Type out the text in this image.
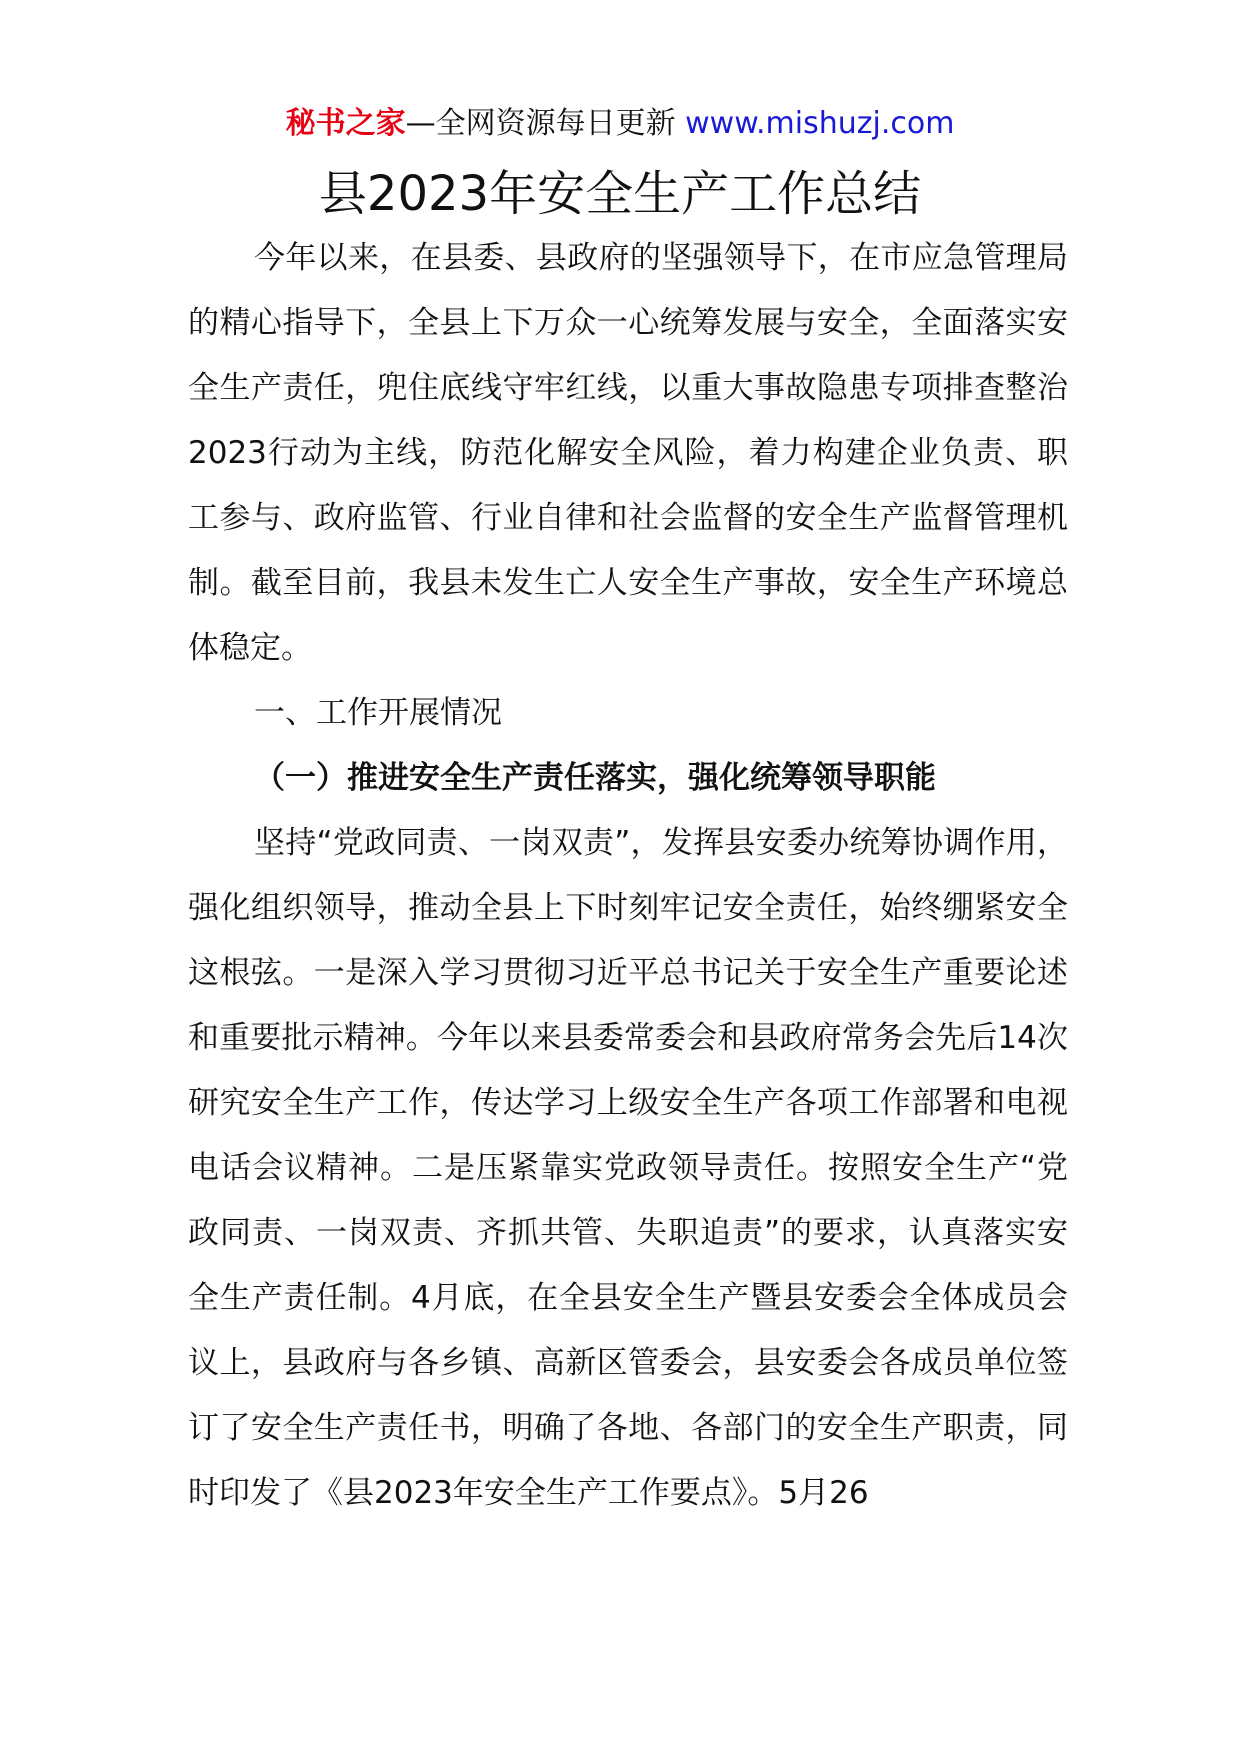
秘书之家—全网资源每日更新 www.mishuzj.com
县2023年安全生产工作总结

今年以来，在县委、县政府的坚强领导下，在市应急管理局的精心指导下，全县上下万众一心统筹发展与安全，全面落实安全生产责任，兜住底线守牢红线，以重大事故隐患专项排查整治2023行动为主线，防范化解安全风险，着力构建企业负责、职工参与、政府监管、行业自律和社会监督的安全生产监督管理机制。截至目前，我县未发生亡人安全生产事故，安全生产环境总体稳定。

一、工作开展情况

（一）推进安全生产责任落实，强化统筹领导职能

坚持“党政同责、一岗双责”，发挥县安委办统筹协调作用，强化组织领导，推动全县上下时刻牢记安全责任，始终绷紧安全这根弦。一是深入学习贯彻习近平总书记关于安全生产重要论述和重要批示精神。今年以来县委常委会和县政府常务会先后14次研究安全生产工作，传达学习上级安全生产各项工作部署和电视电话会议精神。二是压紧靠实党政领导责任。按照安全生产“党政同责、一岗双责、齐抓共管、失职追责”的要求，认真落实安全生产责任制。4月底，在全县安全生产暨县安委会全体成员会议上，县政府与各乡镇、高新区管委会，县安委会各成员单位签订了安全生产责任书，明确了各地、各部门的安全生产职责，同时印发了《县2023年安全生产工作要点》。5月26
